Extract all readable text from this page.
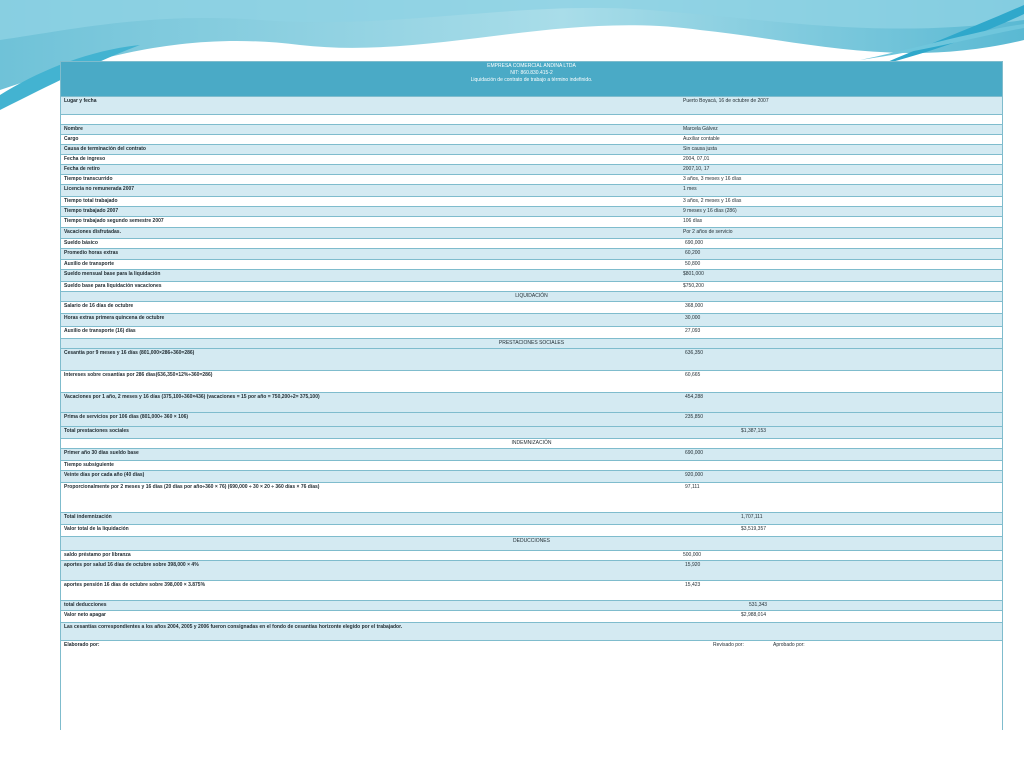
EMPRESA COMERCIAL ANDINA LTDA
NIT: 860.830.415-2
Liquidación de contrato de trabajo a término indefinido.
Lugar y fecha	Puerto Boyacá, 16 de octubre de 2007
Nombre	Marcela Gálvez
Cargo	Auxiliar contable
Causa de terminación del contrato	Sin causa justa
Fecha de ingreso	2004, 07,01
Fecha de retiro	2007,10, 17
Tiempo transcurrido	3 años, 3 meses y 16 días
Licencia no remunerada 2007	1 mes
Tiempo total trabajado	3 años, 2 meses y 16 días
Tiempo trabajado 2007	9 meses y 16 días (286)
Tiempo trabajado segundo semestre 2007	106 días
Vacaciones disfrutadas.	Por 2 años de servicio
Sueldo básico	690,000
Promedio horas extras	60,200
Auxilio de transporte	50,800
Sueldo mensual base para la liquidación	$801,000
Sueldo base para liquidación vacaciones	$750,200
LIQUIDACIÓN
Salario de 16 días de octubre	368,000
Horas extras primera quincena de octubre	30,000
Auxilio de transporte (16) días	27,093
PRESTACIONES SOCIALES
Cesantía por 9 meses y 16 días (801,000×286÷360=286)	636,350
Intereses sobre cesantías por 286 días(636,350×12%÷360=286)	60,665
Vacaciones por 1 año, 2 meses y 16 días (375,100÷360×436) (vacaciones = 15 por año = 750,200÷2= 375,100)	454,288
Prima de servicios por 106 días (801,000÷ 360 × 106)	235,850
Total prestaciones sociales	$1,387,153
INDEMNIZACIÓN
Primer año 30 días sueldo base	690,000
Tiempo subsiguiente
Veinte días por cada año (40 días)	920,000
Proporcionalmente por 2 meses y 16 días (20 días por año÷360 × 76) (690,000 ÷ 30 × 20 ÷ 360 días × 76 días)	97,111
Total indemnización	1,707,111
Valor total de la liquidación	$3,519,357
DEDUCCIONES
saldo préstamo por libranza	500,000
aportes por salud 16 días de octubre sobre 398,000 × 4%	15,920
aportes pensión 16 días de octubre sobre 398,000 × 3.875%	15,423
total deducciones	531,343
Valor neto apagar	$2,988,014
Las cesantías correspondientes a los años 2004, 2005 y 2006 fueron consignadas en el fondo de cesantías horizonte elegido por el trabajador.
Elaborado por:	Revisado por:	Aprobado por:
